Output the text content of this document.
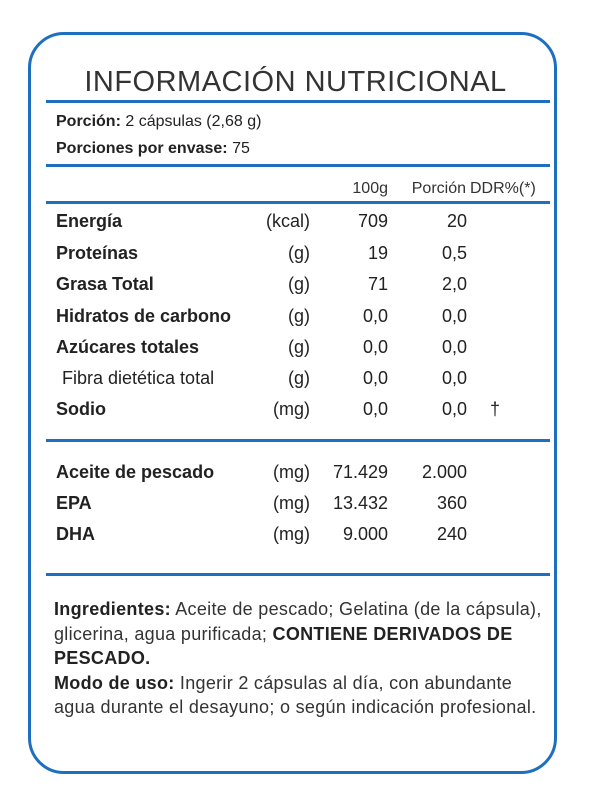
INFORMACIÓN NUTRICIONAL
Porción: 2 cápsulas (2,68 g)
Porciones por envase: 75
100g	Porción DDR%(*)
Energía	(kcal)	709	20
Proteínas	(g)	19	0,5
Grasa Total	(g)	71	2,0
Hidratos de carbono	(g)	0,0	0,0
Azúcares totales	(g)	0,0	0,0
Fibra dietética total	(g)	0,0	0,0
Sodio	(mg)	0,0	0,0	†
Aceite de pescado	(mg)	71.429	2.000
EPA	(mg)	13.432	360
DHA	(mg)	9.000	240
Ingredientes: Aceite de pescado; Gelatina (de la cápsula), glicerina, agua purificada; CONTIENE DERIVADOS DE PESCADO.
Modo de uso: Ingerir 2 cápsulas al día, con abundante agua durante el desayuno; o según indicación profesional.
